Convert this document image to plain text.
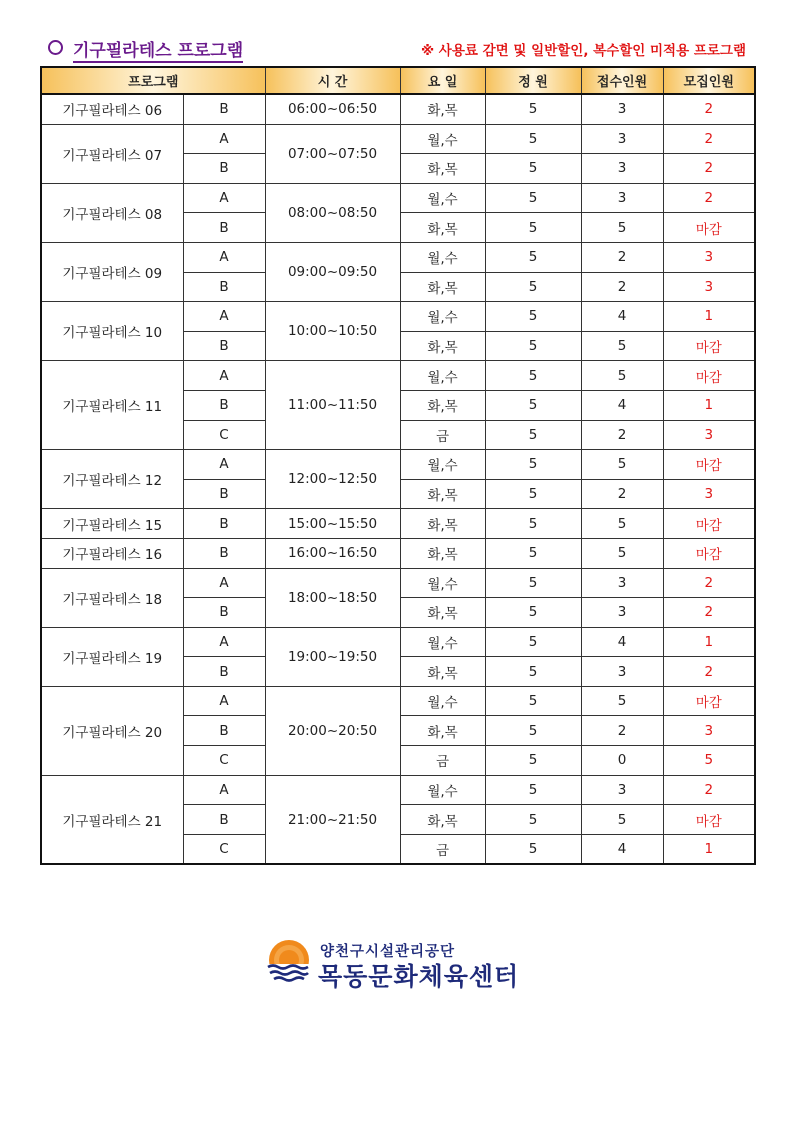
기구필라테스 프로그램	※ 사용료 감면 및 일반할인, 복수할인 미적용 프로그램
프로그램		시 간	요 일	정 원	접수인원	모집인원
기구필라테스 06	B	06:00~06:50	화,목	5	3	2
기구필라테스 07	A	07:00~07:50	월,수	5	3	2
	B		화,목	5	3	2
기구필라테스 08	A	08:00~08:50	월,수	5	3	2
	B		화,목	5	5	마감
기구필라테스 09	A	09:00~09:50	월,수	5	2	3
	B		화,목	5	2	3
기구필라테스 10	A	10:00~10:50	월,수	5	4	1
	B		화,목	5	5	마감
기구필라테스 11	A	11:00~11:50	월,수	5	5	마감
	B		화,목	5	4	1
	C		금	5	2	3
기구필라테스 12	A	12:00~12:50	월,수	5	5	마감
	B		화,목	5	2	3
기구필라테스 15	B	15:00~15:50	화,목	5	5	마감
기구필라테스 16	B	16:00~16:50	화,목	5	5	마감
기구필라테스 18	A	18:00~18:50	월,수	5	3	2
	B		화,목	5	3	2
기구필라테스 19	A	19:00~19:50	월,수	5	4	1
	B		화,목	5	3	2
기구필라테스 20	A	20:00~20:50	월,수	5	5	마감
	B		화,목	5	2	3
	C		금	5	0	5
기구필라테스 21	A	21:00~21:50	월,수	5	3	2
	B		화,목	5	5	마감
	C		금	5	4	1
양천구시설관리공단
목동문화체육센터
